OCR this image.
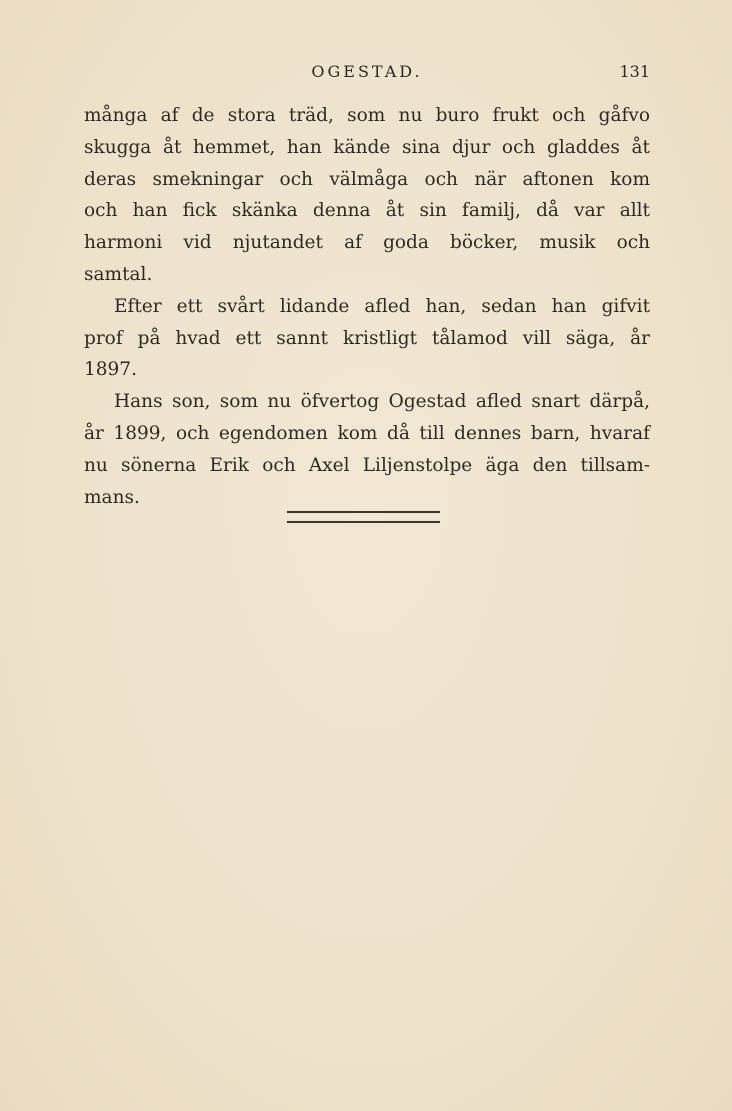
OGESTAD.	131

många af de stora träd, som nu buro frukt och gåfvo
skugga åt hemmet, han kände sina djur och gladdes åt
deras smekningar och välmåga och när aftonen kom
och han fick skänka denna åt sin familj, då var allt
harmoni vid njutandet af goda böcker, musik och
samtal.

Efter ett svårt lidande afled han, sedan han gifvit
prof på hvad ett sannt kristligt tålamod vill säga, år
1897.

Hans son, som nu öfvertog Ogestad afled snart därpå,
år 1899, och egendomen kom då till dennes barn, hvaraf
nu sönerna Erik och Axel Liljenstolpe äga den tillsam-
mans.
